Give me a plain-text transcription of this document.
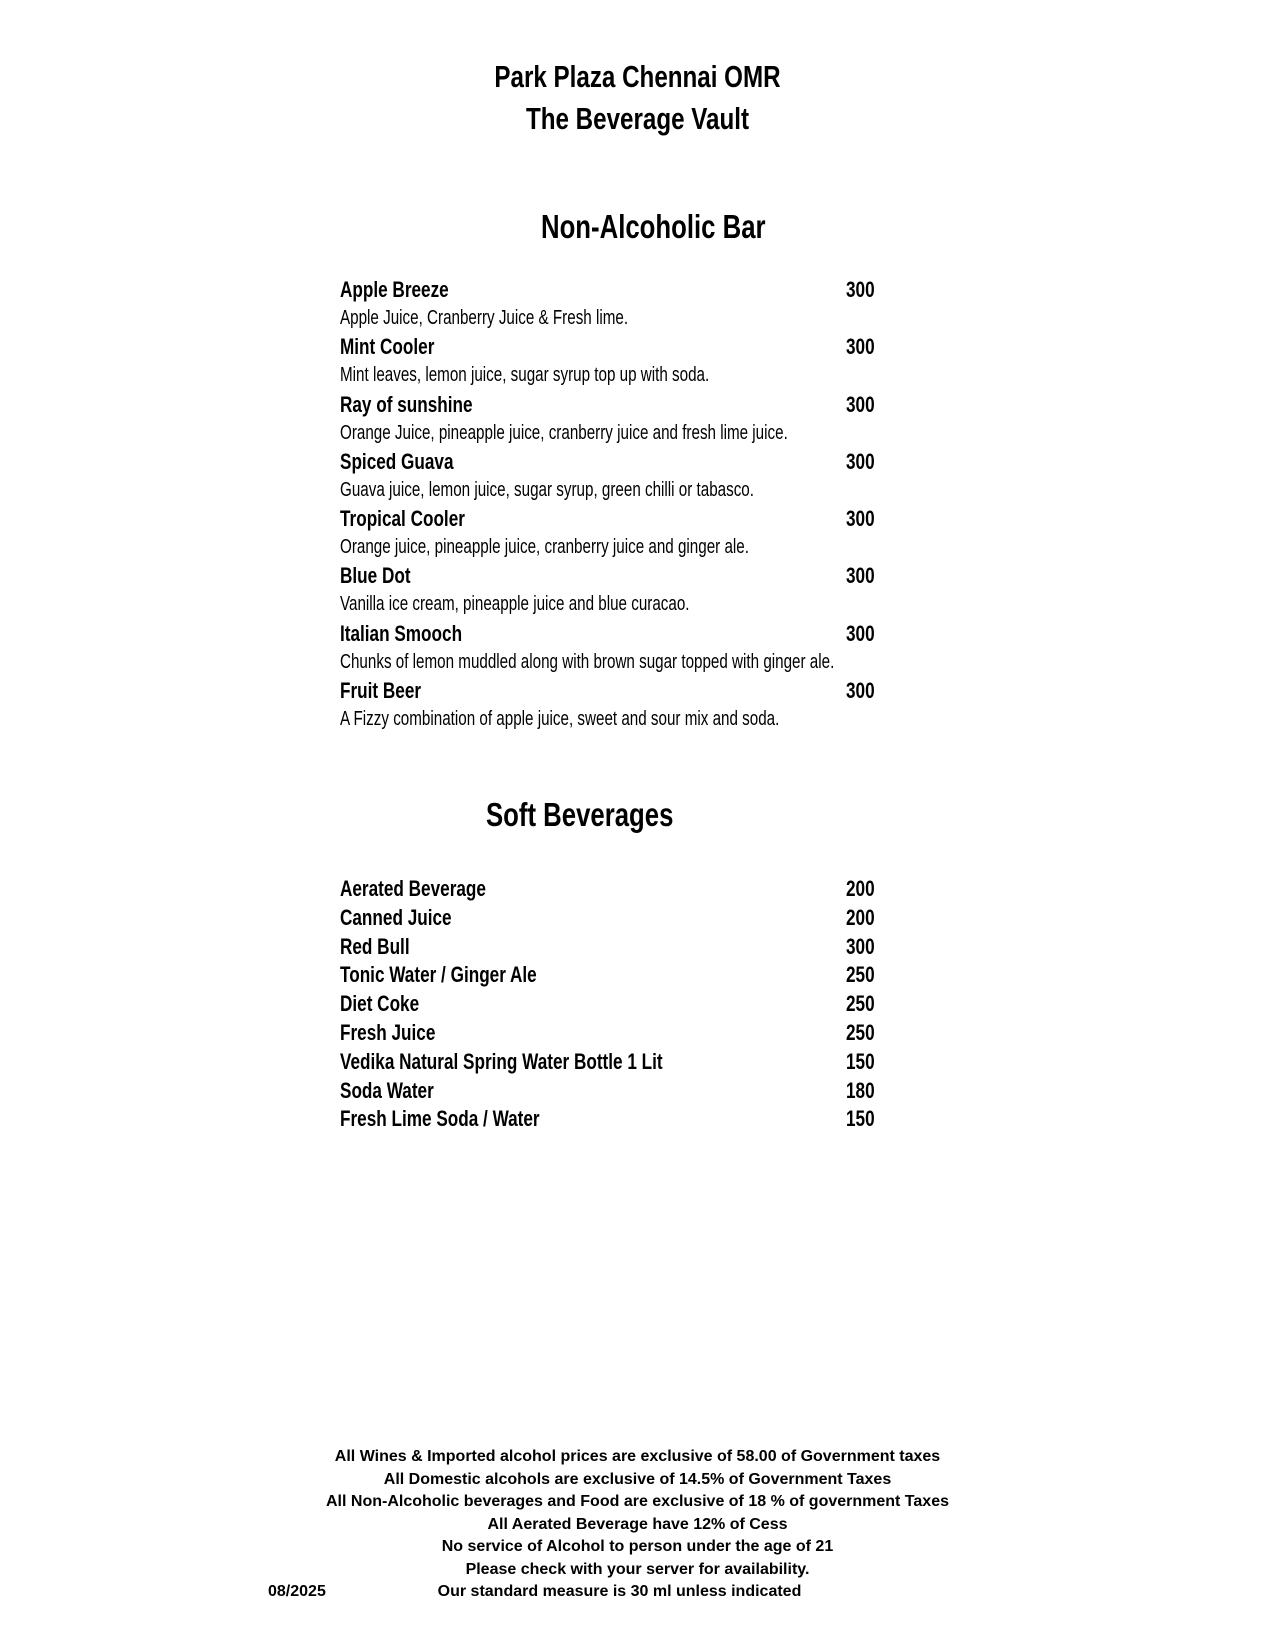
Park Plaza Chennai OMR
The Beverage Vault
Non-Alcoholic Bar
Apple Breeze	300
Apple Juice, Cranberry Juice & Fresh lime.
Mint Cooler	300
Mint leaves, lemon juice, sugar syrup top up with soda.
Ray of sunshine	300
Orange Juice, pineapple juice, cranberry juice and fresh lime juice.
Spiced Guava	300
Guava juice, lemon juice, sugar syrup, green chilli or tabasco.
Tropical Cooler	300
Orange juice, pineapple juice, cranberry juice and ginger ale.
Blue Dot	300
Vanilla ice cream, pineapple juice and blue curacao.
Italian Smooch	300
Chunks of lemon muddled along with brown sugar topped with ginger ale.
Fruit Beer	300
A Fizzy combination of apple juice, sweet and sour mix and soda.
Soft Beverages
Aerated Beverage	200
Canned Juice	200
Red Bull	300
Tonic Water / Ginger Ale	250
Diet Coke	250
Fresh Juice	250
Vedika Natural Spring Water Bottle 1 Lit	150
Soda Water	180
Fresh Lime Soda / Water	150
All Wines & Imported alcohol prices are exclusive of 58.00 of Government taxes
All Domestic alcohols are exclusive of 14.5% of Government Taxes
All Non-Alcoholic beverages and Food are exclusive of 18 % of government Taxes
All Aerated Beverage have 12% of Cess
No service of Alcohol to person under the age of 21
Please check with your server for availability.
Our standard measure is 30 ml unless indicated
08/2025
